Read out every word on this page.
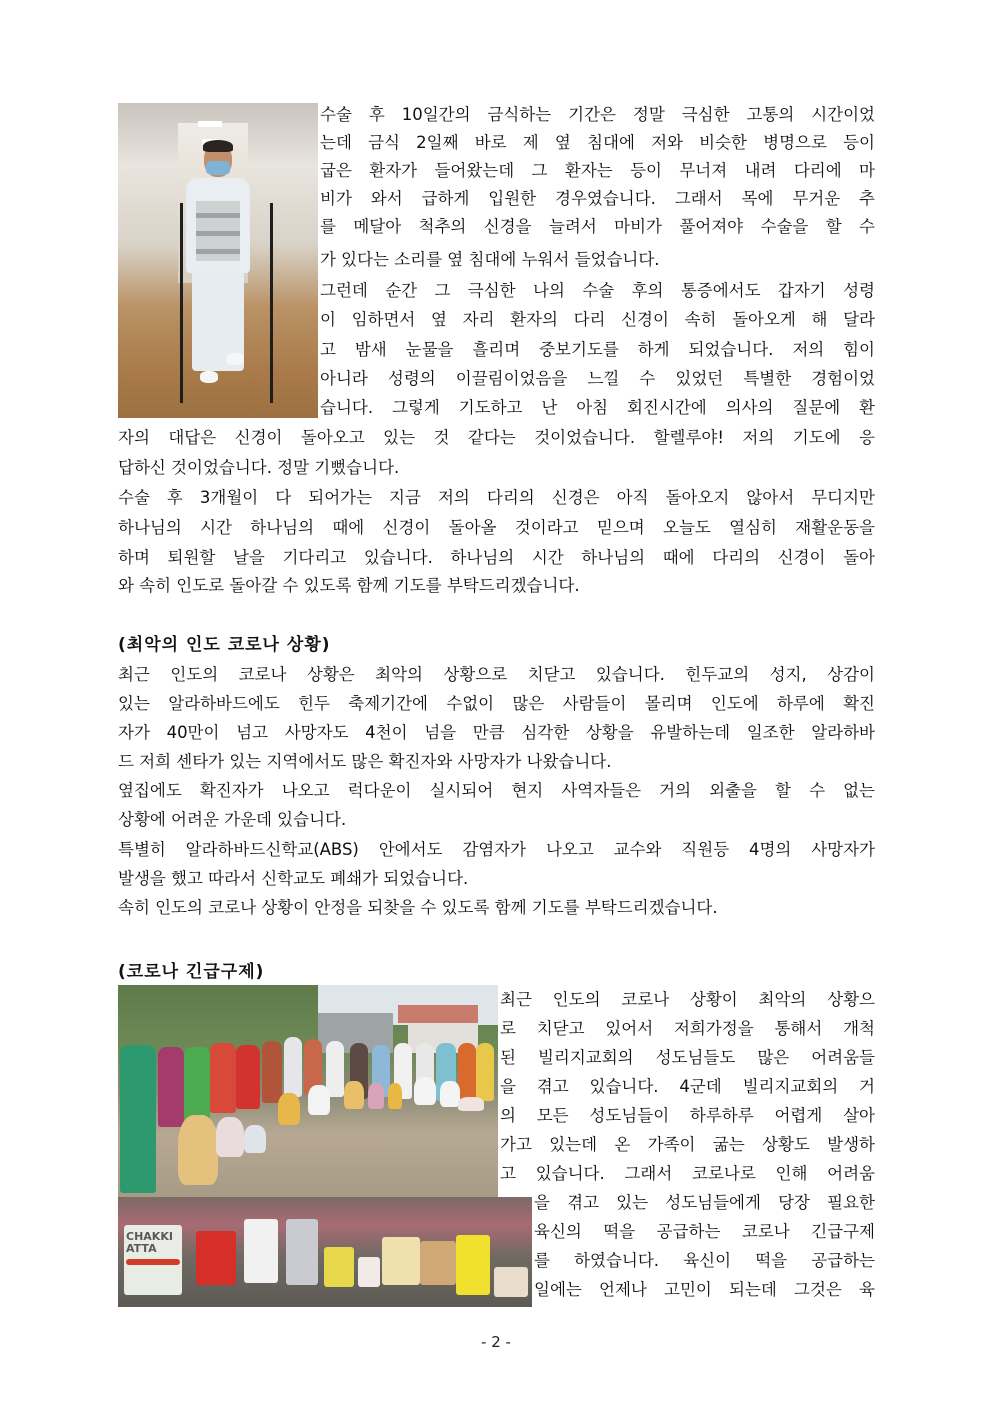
수술 후 10일간의 금식하는 기간은 정말 극심한 고통의 시간이었
는데 금식 2일째 바로 제 옆 침대에 저와 비슷한 병명으로 등이
굽은 환자가 들어왔는데 그 환자는 등이 무너져 내려 다리에 마
비가 와서 급하게 입원한 경우였습니다. 그래서 목에 무거운 추
를 메달아 척추의 신경을 늘려서 마비가 풀어져야 수술을 할 수
가 있다는 소리를 옆 침대에 누워서 들었습니다.
그런데 순간 그 극심한 나의 수술 후의 통증에서도 갑자기 성령
이 임하면서 옆 자리 환자의 다리 신경이 속히 돌아오게 해 달라
고 밤새 눈물을 흘리며 중보기도를 하게 되었습니다. 저의 힘이
아니라 성령의 이끌림이었음을 느낄 수 있었던 특별한 경험이었
습니다. 그렇게 기도하고 난 아침 회진시간에 의사의 질문에 환
자의 대답은 신경이 돌아오고 있는 것 같다는 것이었습니다. 할렐루야! 저의 기도에 응
답하신 것이었습니다. 정말 기뻤습니다.
수술 후 3개월이 다 되어가는 지금 저의 다리의 신경은 아직 돌아오지 않아서 무디지만
하나님의 시간 하나님의 때에 신경이 돌아올 것이라고 믿으며 오늘도 열심히 재활운동을
하며 퇴원할 날을 기다리고 있습니다. 하나님의 시간 하나님의 때에 다리의 신경이 돌아
와 속히 인도로 돌아갈 수 있도록 함께 기도를 부탁드리겠습니다.
(최악의 인도 코로나 상황)
최근 인도의 코로나 상황은 최악의 상황으로 치닫고 있습니다. 힌두교의 성지, 상감이
있는 알라하바드에도 힌두 축제기간에 수없이 많은 사람들이 몰리며 인도에 하루에 확진
자가 40만이 넘고 사망자도 4천이 넘을 만큼 심각한 상황을 유발하는데 일조한 알라하바
드 저희 센타가 있는 지역에서도 많은 확진자와 사망자가 나왔습니다.
옆집에도 확진자가 나오고 럭다운이 실시되어 현지 사역자들은 거의 외출을 할 수 없는
상황에 어려운 가운데 있습니다.
특별히 알라하바드신학교(ABS) 안에서도 감염자가 나오고 교수와 직원등 4명의 사망자가
발생을 했고 따라서 신학교도 폐쇄가 되었습니다.
속히 인도의 코로나 상황이 안정을 되찾을 수 있도록 함께 기도를 부탁드리겠습니다.
(코로나 긴급구제)
CHAKKI
ATTA
최근 인도의 코로나 상황이 최악의 상황으
로 치닫고 있어서 저희가정을 통해서 개척
된 빌리지교회의 성도님들도 많은 어려움들
을 겪고 있습니다. 4군데 빌리지교회의 거
의 모든 성도님들이 하루하루 어렵게 살아
가고 있는데 온 가족이 굶는 상황도 발생하
고 있습니다. 그래서 코로나로 인해 어려움
을 겪고 있는 성도님들에게 당장 필요한
육신의 떡을 공급하는 코로나 긴급구제
를 하였습니다. 육신이 떡을 공급하는
일에는 언제나 고민이 되는데 그것은 육
- 2 -
